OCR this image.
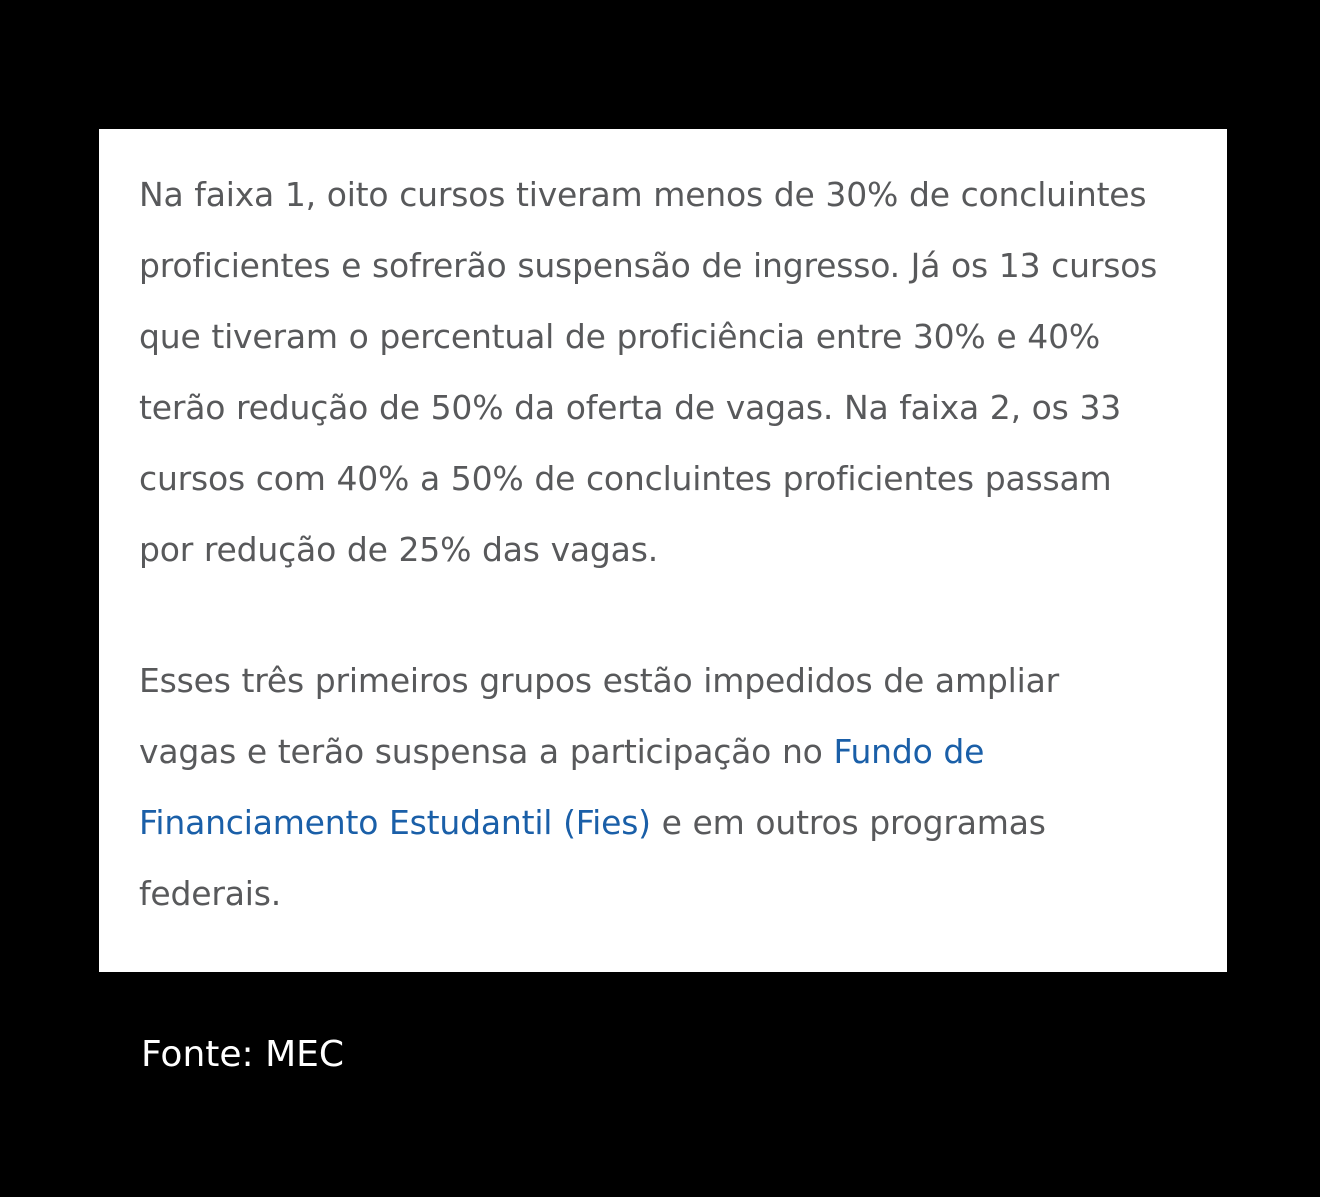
Na faixa 1, oito cursos tiveram menos de 30% de concluintes proficientes e sofrerão suspensão de ingresso. Já os 13 cursos que tiveram o percentual de proficiência entre 30% e 40% terão redução de 50% da oferta de vagas. Na faixa 2, os 33 cursos com 40% a 50% de concluintes proficientes passam por redução de 25% das vagas.

Esses três primeiros grupos estão impedidos de ampliar vagas e terão suspensa a participação no Fundo de Financiamento Estudantil (Fies) e em outros programas federais.

Fonte: MEC
